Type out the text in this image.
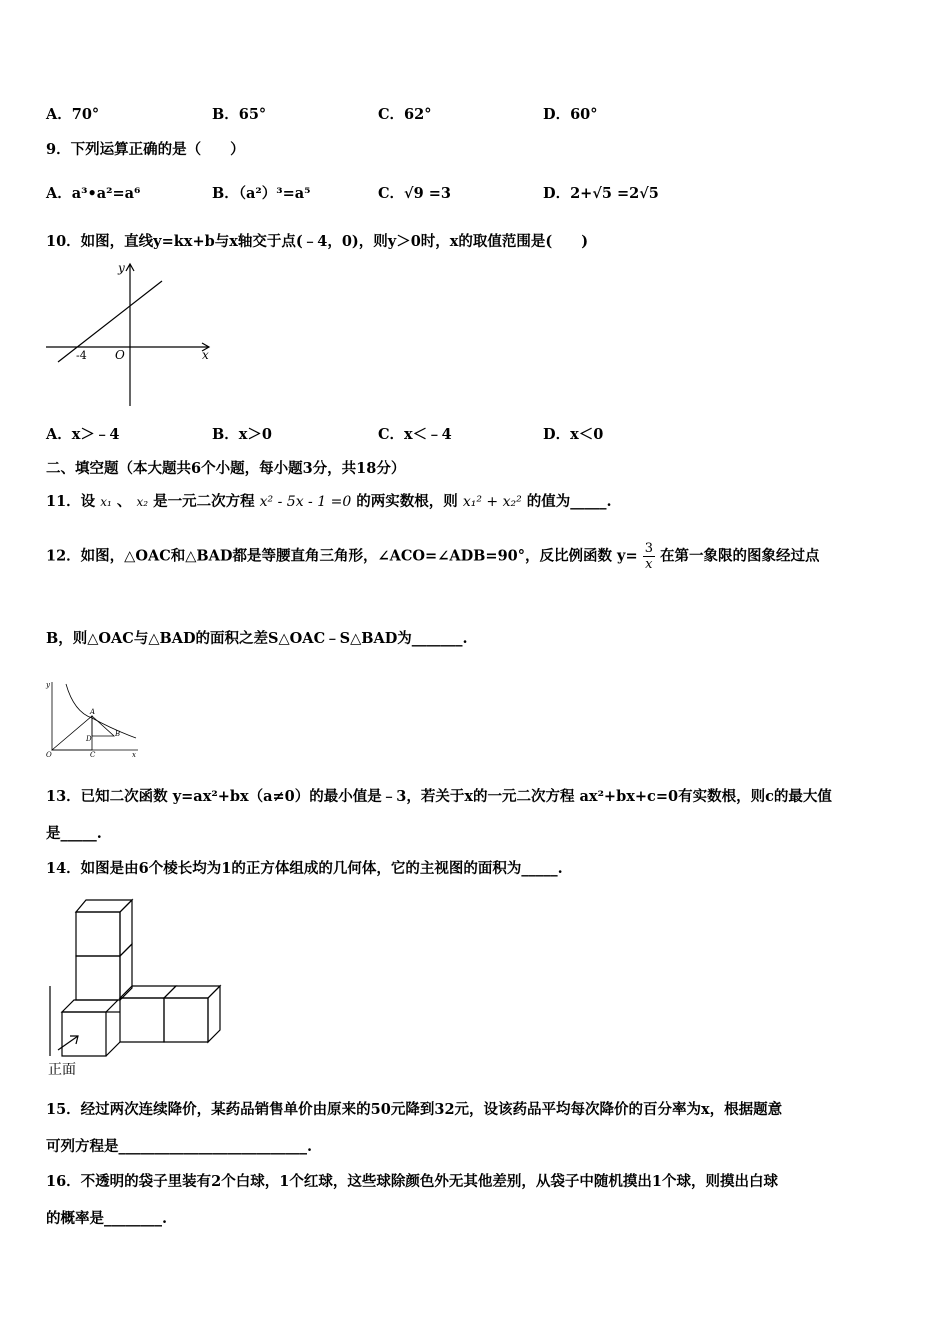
A．70°	B．65°	C．62°	D．60°
9．下列运算正确的是（　　）
A．a³•a²=a⁶	B．（a²）³=a⁵	C．√9 =3	D．2+√5 =2√5
10．如图，直线y=kx+b与x轴交于点(﹣4，0)，则y＞0时，x的取值范围是(　　)
y
x
O
-4
A．x＞﹣4	B．x＞0	C．x＜﹣4	D．x＜0
二、填空题（本大题共6个小题，每小题3分，共18分）
11．设 x₁ 、 x₂ 是一元二次方程 x² - 5x - 1 =0 的两实数根，则 x₁² + x₂² 的值为_____.
12．如图，△OAC和△BAD都是等腰直角三角形，∠ACO=∠ADB=90°，反比例函数 $y= \frac{3}{x}$ 在第一象限的图象经过点
B，则△OAC与△BAD的面积之差S△OAC﹣S△BAD为_______.
y
A
D
B
O	C	x
13．已知二次函数 y=ax²+bx（a≠0）的最小值是﹣3，若关于x的一元二次方程 ax²+bx+c=0有实数根，则c的最大值
是_____.
14．如图是由6个棱长均为1的正方体组成的几何体，它的主视图的面积为_____.
正面
15．经过两次连续降价，某药品销售单价由原来的50元降到32元，设该药品平均每次降价的百分率为x，根据题意
可列方程是__________________________.
16．不透明的袋子里装有2个白球，1个红球，这些球除颜色外无其他差别，从袋子中随机摸出1个球，则摸出白球
的概率是________.
